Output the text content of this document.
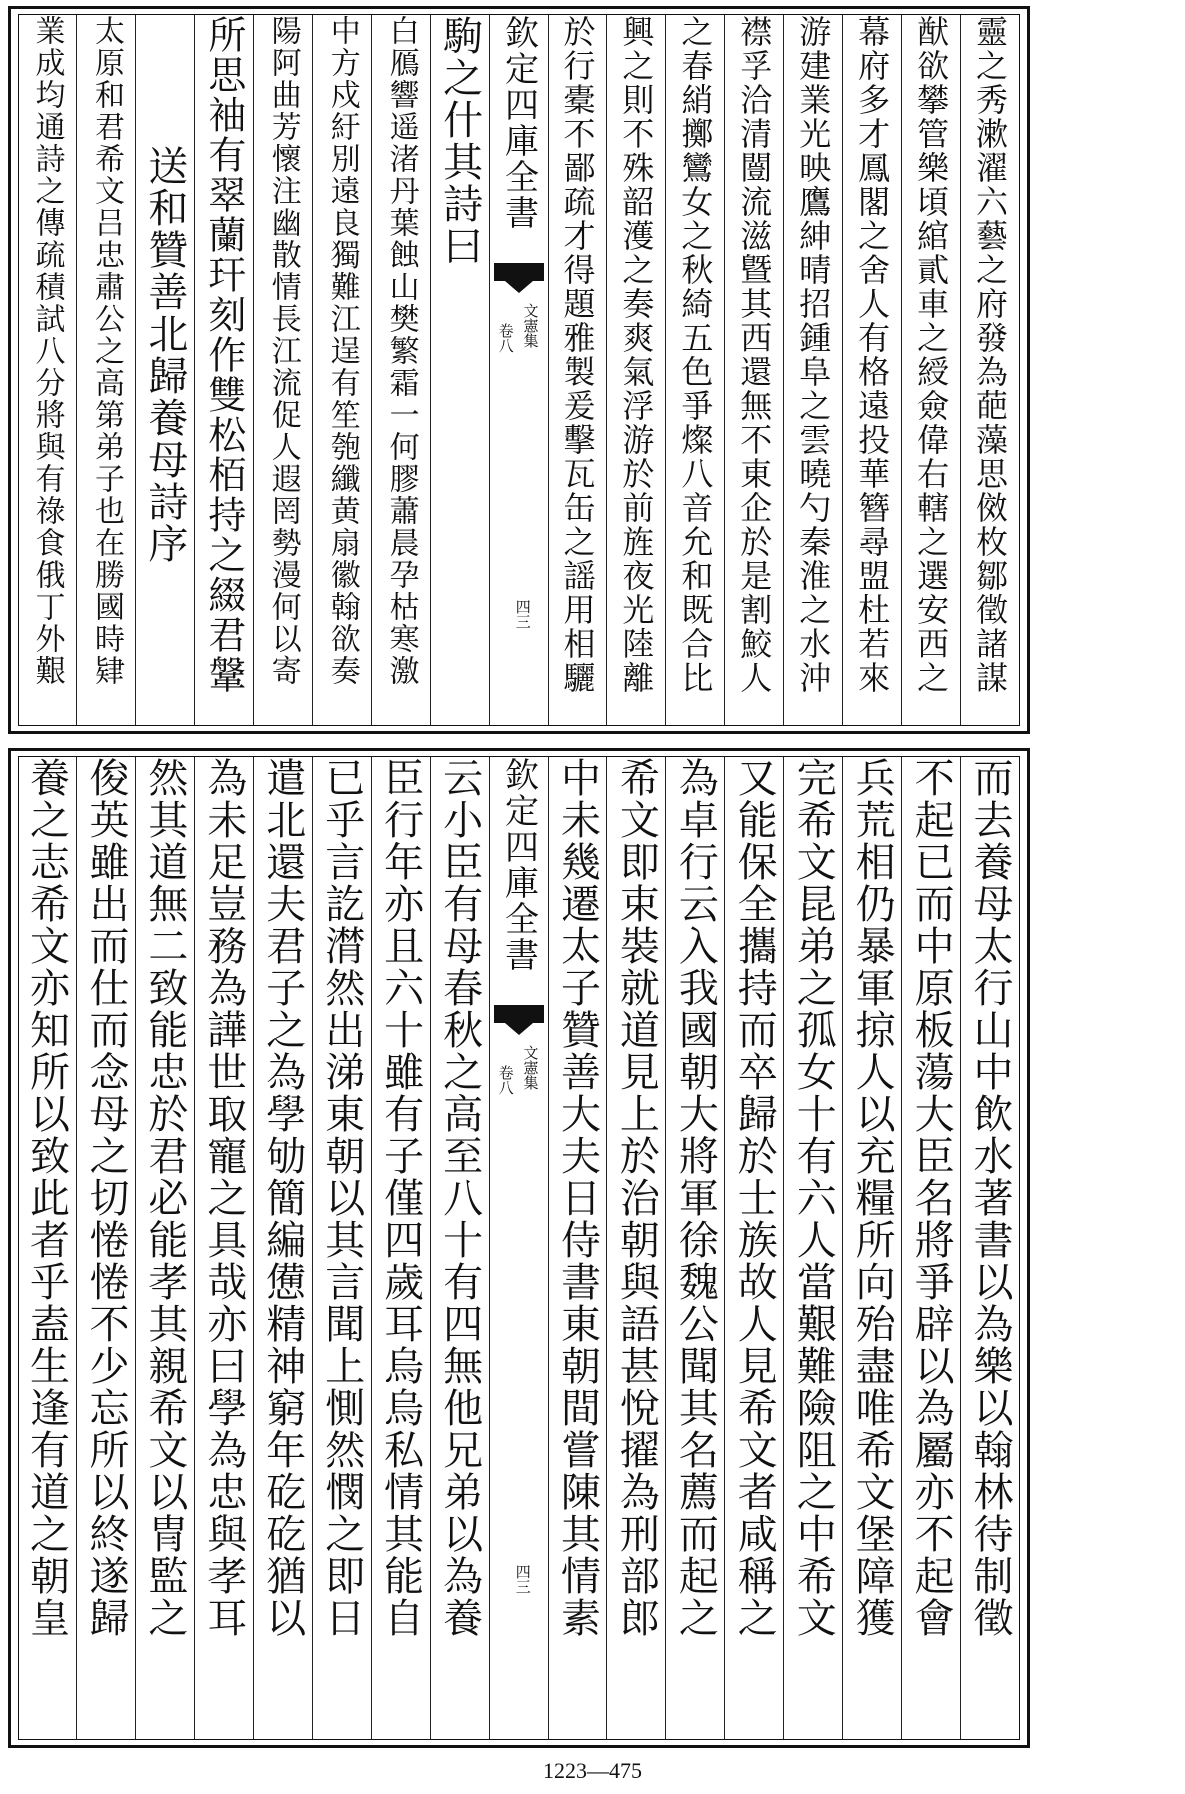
靈之秀漱濯六藝之府發為葩藻思傚枚鄒徵諸謀
猷欲攀管樂頃綰貳車之綬僉偉右轄之選安西之
幕府多才鳳閣之舍人有格遠投華簪尋盟杜若來
游建業光映鷹紳晴招鍾阜之雲曉勺秦淮之水沖
襟孚洽清闓流滋曁其西還無不東企於是割鮫人
之春綃擲鸞女之秋綺五色爭燦八音允和既合比
興之則不殊韶濩之奏爽氣浮游於前旌夜光陸離
於行橐不鄙疏才得題雅製爰擊瓦缶之謡用相驪
欽定四庫全書
文憲集
卷八
四三
駒之什其詩曰
白鴈響遥渚丹葉蝕山樊繁霜一何膠蕭晨孕枯寒激
中方戍紆別遠良獨難江逞有笙匏纖黄扇徽翰欲奏
陽阿曲芳懷注幽散情長江流促人遐罔勢漫何以寄
所思袖有翠蘭玕刻作雙松栢持之綴君鞶
送和贊善北歸養母詩序
太原和君希文吕忠肅公之高第弟子也在勝國時肄
業成均通詩之傳疏積試八分將與有祿食俄丁外艱
而去養母太行山中飲水著書以為樂以翰林待制徵
不起已而中原板蕩大臣名將爭辟以為屬亦不起會
兵荒相仍暴軍掠人以充糧所向殆盡唯希文堡障獲
完希文昆弟之孤女十有六人當艱難險阻之中希文
又能保全攜持而卒歸於士族故人見希文者咸稱之
為卓行云入我國朝大將軍徐魏公聞其名薦而起之
希文即束裝就道見上於治朝與語甚悅擢為刑部郎
中未幾遷太子贊善大夫日侍書東朝間嘗陳其情素
欽定四庫全書
文憲集
卷八
四三
云小臣有母春秋之高至八十有四無他兄弟以為養
臣行年亦且六十雖有子僅四歲耳烏烏私情其能自
已乎言訖潸然出涕東朝以其言聞上惻然憫之即日
遣北還夫君子之為學劬簡編憊精神窮年矻矻猶以
為未足豈務為譁世取寵之具哉亦曰學為忠與孝耳
然其道無二致能忠於君必能孝其親希文以冑監之
俊英雖出而仕而念母之切惓惓不少忘所以終遂歸
養之志希文亦知所以致此者乎盍生逢有道之朝皇
1223—475
